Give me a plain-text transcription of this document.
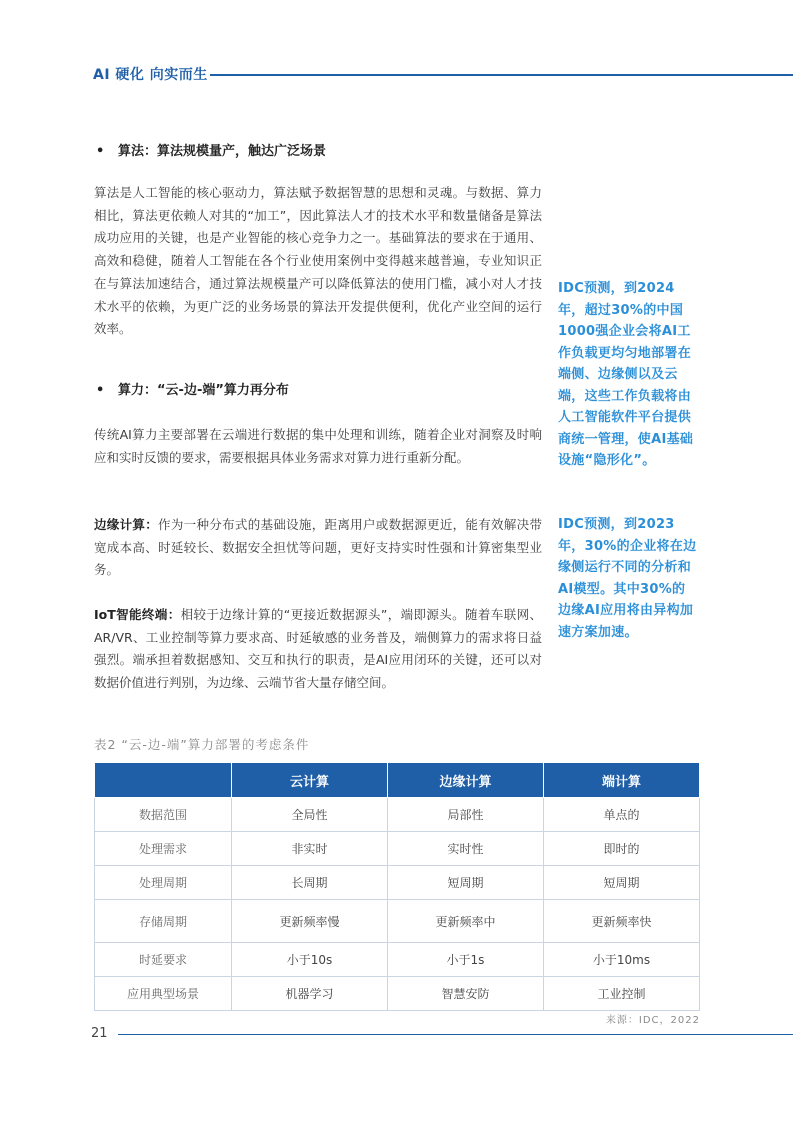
AI 硬化 向实而生
• 算法：算法规模量产，触达广泛场景
算法是人工智能的核心驱动力，算法赋予数据智慧的思想和灵魂。与数据、算力相比，算法更依赖人对其的“加工”，因此算法人才的技术水平和数量储备是算法成功应用的关键，也是产业智能的核心竞争力之一。基础算法的要求在于通用、高效和稳健，随着人工智能在各个行业使用案例中变得越来越普遍，专业知识正在与算法加速结合，通过算法规模量产可以降低算法的使用门槛，减小对人才技术水平的依赖，为更广泛的业务场景的算法开发提供便利，优化产业空间的运行效率。
• 算力：“云-边-端”算力再分布
传统AI算力主要部署在云端进行数据的集中处理和训练，随着企业对洞察及时响应和实时反馈的要求，需要根据具体业务需求对算力进行重新分配。
边缘计算：作为一种分布式的基础设施，距离用户或数据源更近，能有效解决带宽成本高、时延较长、数据安全担忧等问题，更好支持实时性强和计算密集型业务。
IoT智能终端：相较于边缘计算的“更接近数据源头”，端即源头。随着车联网、AR/VR、工业控制等算力要求高、时延敏感的业务普及，端侧算力的需求将日益强烈。端承担着数据感知、交互和执行的职责，是AI应用闭环的关键，还可以对数据价值进行判别，为边缘、云端节省大量存储空间。
IDC预测，到2024年，超过30%的中国1000强企业会将AI工作负载更均匀地部署在端侧、边缘侧以及云端，这些工作负载将由人工智能软件平台提供商统一管理，使AI基础设施“隐形化”。
IDC预测，到2023年，30%的企业将在边缘侧运行不同的分析和AI模型。其中30%的边缘AI应用将由异构加速方案加速。
表2 “云-边-端”算力部署的考虑条件
	云计算	边缘计算	端计算
数据范围	全局性	局部性	单点的
处理需求	非实时	实时性	即时的
处理周期	长周期	短周期	短周期
存储周期	更新频率慢	更新频率中	更新频率快
时延要求	小于10s	小于1s	小于10ms
应用典型场景	机器学习	智慧安防	工业控制
来源：IDC，2022
21
